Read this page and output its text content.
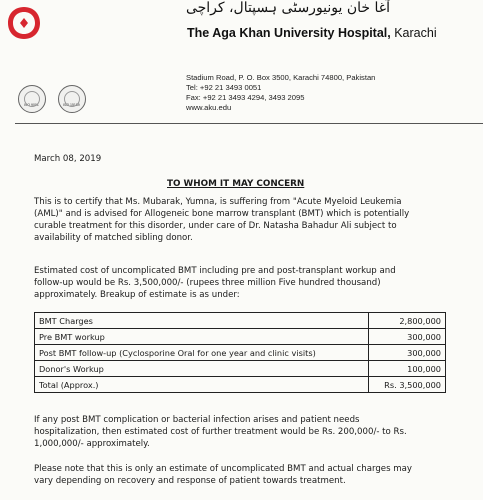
آغا خان یونیورسٹی ہسپتال، کراچی
The Aga Khan University Hospital, Karachi
ISO 9001	ISO 15189
Stadium Road, P. O. Box 3500, Karachi 74800, Pakistan
Tel: +92 21 3493 0051
Fax: +92 21 3493 4294, 3493 2095
www.aku.edu
March 08, 2019
TO WHOM IT MAY CONCERN
This is to certify that Ms. Mubarak, Yumna, is suffering from "Acute Myeloid Leukemia
(AML)" and is advised for Allogeneic bone marrow transplant (BMT) which is potentially
curable treatment for this disorder, under care of Dr. Natasha Bahadur Ali subject to
availability of matched sibling donor.
Estimated cost of uncomplicated BMT including pre and post-transplant workup and
follow-up would be Rs. 3,500,000/- (rupees three million Five hundred thousand)
approximately. Breakup of estimate is as under:
BMT Charges	2,800,000
Pre BMT workup	300,000
Post BMT follow-up (Cyclosporine Oral for one year and clinic visits)	300,000
Donor's Workup	100,000
Total (Approx.)	Rs. 3,500,000
If any post BMT complication or bacterial infection arises and patient needs
hospitalization, then estimated cost of further treatment would be Rs. 200,000/- to Rs.
1,000,000/- approximately.
Please note that this is only an estimate of uncomplicated BMT and actual charges may
vary depending on recovery and response of patient towards treatment.
